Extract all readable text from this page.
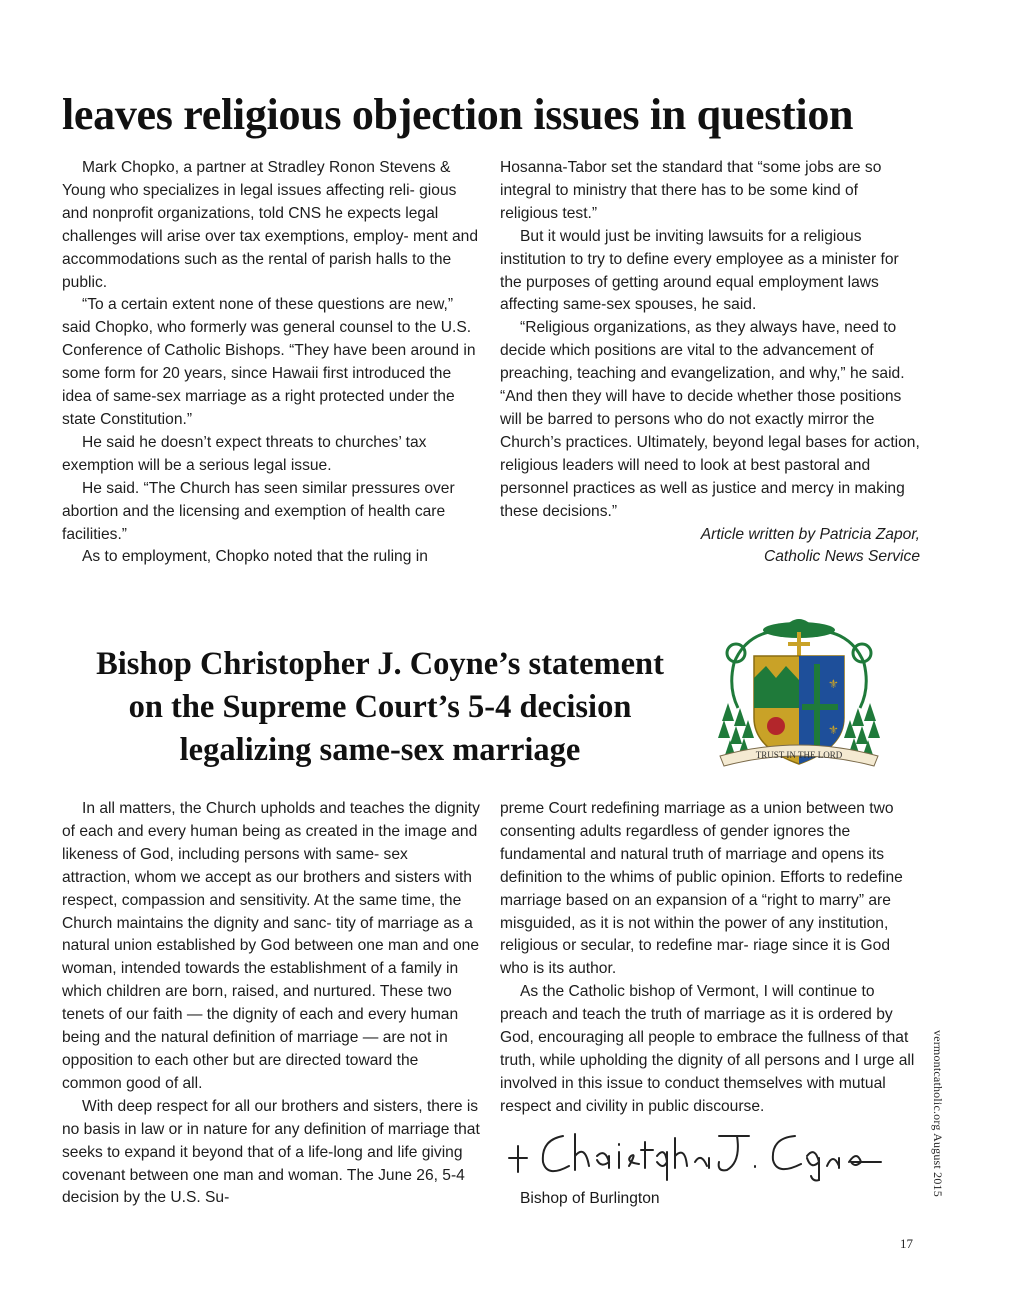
leaves religious objection issues in question

Mark Chopko, a partner at Stradley Ronon Stevens & Young who specializes in legal issues affecting reli- gious and nonprofit organizations, told CNS he expects legal challenges will arise over tax exemptions, employ- ment and accommodations such as the rental of parish halls to the public.

“To a certain extent none of these questions are new,” said Chopko, who formerly was general counsel to the U.S. Conference of Catholic Bishops. “They have been around in some form for 20 years, since Hawaii first introduced the idea of same-sex marriage as a right protected under the state Constitution.”

He said he doesn’t expect threats to churches’ tax exemption will be a serious legal issue.

He said. “The Church has seen similar pressures over abortion and the licensing and exemption of health care facilities.”

As to employment, Chopko noted that the ruling in

Hosanna-Tabor set the standard that “some jobs are so integral to ministry that there has to be some kind of religious test.”

But it would just be inviting lawsuits for a religious institution to try to define every employee as a minister for the purposes of getting around equal employment laws affecting same-sex spouses, he said.

“Religious organizations, as they always have, need to decide which positions are vital to the advancement of preaching, teaching and evangelization, and why,” he said. “And then they will have to decide whether those positions will be barred to persons who do not exactly mirror the Church’s practices. Ultimately, beyond legal bases for action, religious leaders will need to look at best pastoral and personnel practices as well as justice and mercy in making these decisions.”

Article written by Patricia Zapor,

Catholic News Service

Bishop Christopher J. Coyne’s statement
on the Supreme Court’s 5-4 decision
legalizing same-sex marriage
⚜
⚜
TRUST IN THE LORD

In all matters, the Church upholds and teaches the dignity of each and every human being as created in the image and likeness of God, including persons with same- sex attraction, whom we accept as our brothers and sisters with respect, compassion and sensitivity. At the same time, the Church maintains the dignity and sanc- tity of marriage as a natural union established by God between one man and one woman, intended towards the establishment of a family in which children are born, raised, and nurtured. These two tenets of our faith — the dignity of each and every human being and the natural definition of marriage — are not in opposition to each other but are directed toward the common good of all.

With deep respect for all our brothers and sisters, there is no basis in law or in nature for any definition of marriage that seeks to expand it beyond that of a life-long and life giving covenant between one man and woman. The June 26, 5-4 decision by the U.S. Su-

preme Court redefining marriage as a union between two consenting adults regardless of gender ignores the fundamental and natural truth of marriage and opens its definition to the whims of public opinion. Efforts to redefine marriage based on an expansion of a “right to marry” are misguided, as it is not within the power of any institution, religious or secular, to redefine mar- riage since it is God who is its author.

As the Catholic bishop of Vermont, I will continue to preach and teach the truth of marriage as it is ordered by God, encouraging all people to embrace the fullness of that truth, while upholding the dignity of all persons and I urge all involved in this issue to conduct themselves with mutual respect and civility in public discourse.

Bishop of Burlington
vermontcatholic.org August 2015
17
